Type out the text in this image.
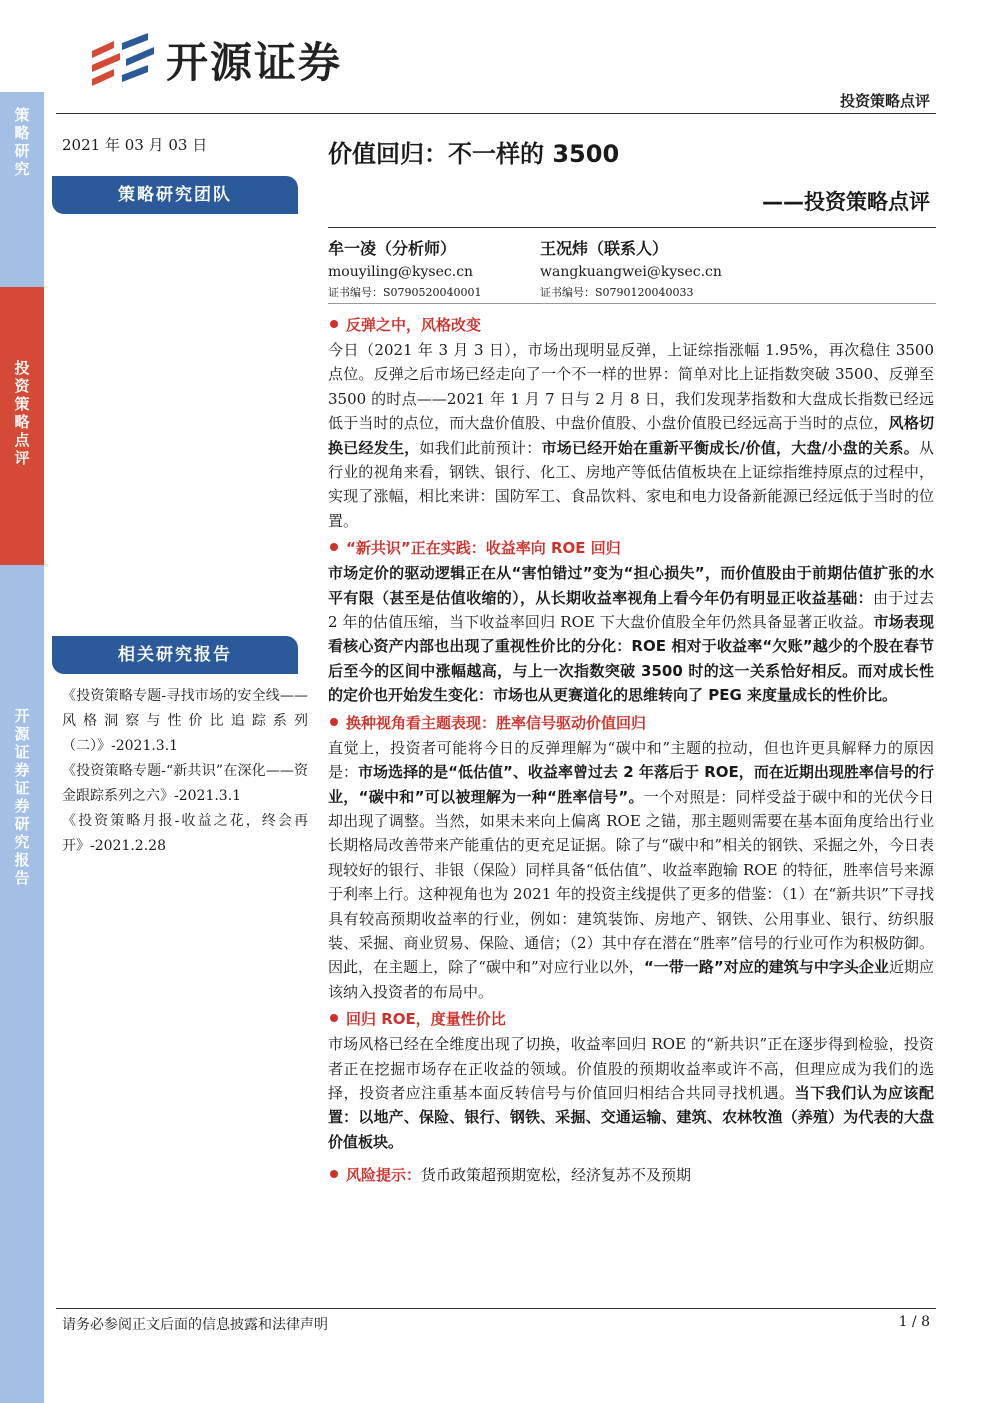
策略研究
投资策略点评
开源证券 证券研究报告
开源证券
投资策略点评
2021 年 03 月 03 日
策略研究团队
相关研究报告
《投资策略专题-寻找市场的安全线——风格洞察与性价比追踪系列（二）》-2021.3.1
《投资策略专题-“新共识”在深化——资金跟踪系列之六》-2021.3.1
《投资策略月报-收益之花，终会再开》-2021.2.28
价值回归：不一样的 3500
——投资策略点评
牟一凌（分析师）
mouyiling@kysec.cn
证书编号：S0790520040001
王况炜（联系人）
wangkuangwei@kysec.cn
证书编号：S0790120040033
反弹之中，风格改变

今日（2021 年 3 月 3 日），市场出现明显反弹，上证综指涨幅 1.95%，再次稳住 3500 点位。反弹之后市场已经走向了一个不一样的世界：简单对比上证指数突破 3500、反弹至 3500 的时点——2021 年 1 月 7 日与 2 月 8 日，我们发现茅指数和大盘成长指数已经远低于当时的点位，而大盘价值股、中盘价值股、小盘价值股已经远高于当时的点位，风格切换已经发生，如我们此前预计：市场已经开始在重新平衡成长/价值，大盘/小盘的关系。从行业的视角来看，钢铁、银行、化工、房地产等低估值板块在上证综指维持原点的过程中，实现了涨幅，相比来讲：国防军工、食品饮料、家电和电力设备新能源已经远低于当时的位置。

“新共识”正在实践：收益率向 ROE 回归

市场定价的驱动逻辑正在从“害怕错过”变为“担心损失”，而价值股由于前期估值扩张的水平有限（甚至是估值收缩的），从长期收益率视角上看今年仍有明显正收益基础：由于过去 2 年的估值压缩，当下收益率回归 ROE 下大盘价值股全年仍然具备显著正收益。市场表现看核心资产内部也出现了重视性价比的分化：ROE 相对于收益率“欠账”越少的个股在春节后至今的区间中涨幅越高，与上一次指数突破 3500 时的这一关系恰好相反。而对成长性的定价也开始发生变化：市场也从更赛道化的思维转向了 PEG 来度量成长的性价比。

换种视角看主题表现：胜率信号驱动价值回归

直觉上，投资者可能将今日的反弹理解为“碳中和”主题的拉动，但也许更具解释力的原因是：市场选择的是“低估值”、收益率曾过去 2 年落后于 ROE，而在近期出现胜率信号的行业，“碳中和”可以被理解为一种“胜率信号”。一个对照是：同样受益于碳中和的光伏今日却出现了调整。当然，如果未来向上偏离 ROE 之锚，那主题则需要在基本面角度给出行业长期格局改善带来产能重估的更充足证据。除了与“碳中和”相关的钢铁、采掘之外，今日表现较好的银行、非银（保险）同样具备“低估值”、收益率跑输 ROE 的特征，胜率信号来源于利率上行。这种视角也为 2021 年的投资主线提供了更多的借鉴：（1）在“新共识”下寻找具有较高预期收益率的行业，例如：建筑装饰、房地产、钢铁、公用事业、银行、纺织服装、采掘、商业贸易、保险、通信；（2）其中存在潜在“胜率”信号的行业可作为积极防御。因此，在主题上，除了“碳中和”对应行业以外，“一带一路”对应的建筑与中字头企业近期应该纳入投资者的布局中。

回归 ROE，度量性价比

市场风格已经在全维度出现了切换，收益率回归 ROE 的“新共识”正在逐步得到检验，投资者正在挖掘市场存在正收益的领域。价值股的预期收益率或许不高，但理应成为我们的选择，投资者应注重基本面反转信号与价值回归相结合共同寻找机遇。当下我们认为应该配置：以地产、保险、银行、钢铁、采掘、交通运输、建筑、农林牧渔（养殖）为代表的大盘价值板块。

风险提示：货币政策超预期宽松，经济复苏不及预期
请务必参阅正文后面的信息披露和法律声明	1 / 8
